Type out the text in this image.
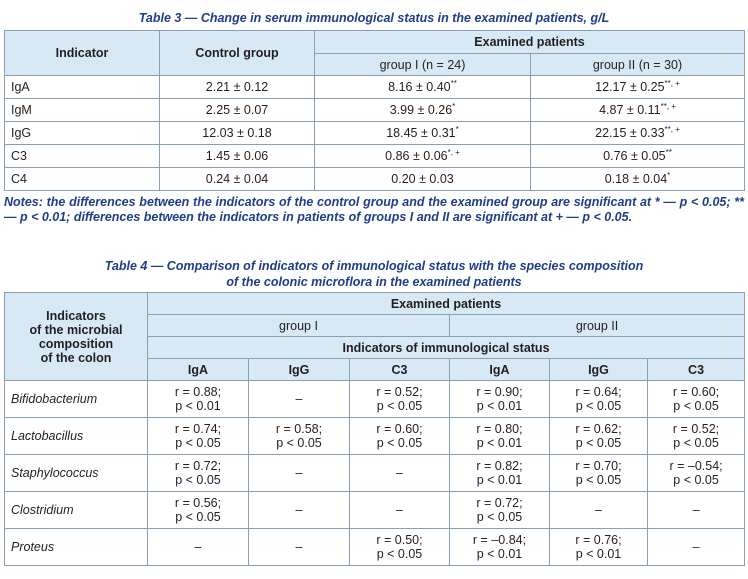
Table 3 — Change in serum immunological status in the examined patients, g/L
Indicator	Control group	Examined patients	
		group I (n = 24)	group II (n = 30)
IgA	2.21 ± 0.12	8.16 ± 0.40**	12.17 ± 0.25**, +
IgM	2.25 ± 0.07	3.99 ± 0.26*	4.87 ± 0.11**, +
IgG	12.03 ± 0.18	18.45 ± 0.31*	22.15 ± 0.33**, +
C3	1.45 ± 0.06	0.86 ± 0.06*, +	0.76 ± 0.05**
C4	0.24 ± 0.04	0.20 ± 0.03	0.18 ± 0.04*
Notes: the differences between the indicators of the control group and the examined group are significant at * — p < 0.05; ** — p < 0.01; differences between the indicators in patients of groups I and II are significant at + — p < 0.05.
Table 4 — Comparison of indicators of immunological status with the species composition
of the colonic microflora in the examined patients
Indicators
of the microbial
composition
of the colon	Examined patients					
	group I			group II		
	Indicators of immunological status					
	IgA	IgG	C3	IgA	IgG	C3
Bifidobacterium	r = 0.88;
p < 0.01	–	r = 0.52;
p < 0.05	r = 0.90;
p < 0.01	r = 0.64;
p < 0.05	r = 0.60;
p < 0.05

Lactobacillus	r = 0.74;
p < 0.05	r = 0.58;
p < 0.05	r = 0.60;
p < 0.05	r = 0.80;
p < 0.01	r = 0.62;
p < 0.05	r = 0.52;
p < 0.05

Staphylococcus	r = 0.72;
p < 0.05	–	–	r = 0.82;
p < 0.01	r = 0.70;
p < 0.05	r = –0.54;
p < 0.05

Clostridium	r = 0.56;
p < 0.05	–	–	r = 0.72;
p < 0.05	–	–

Proteus	–	–	r = 0.50;
p < 0.05	r = –0.84;
p < 0.01	r = 0.76;
p < 0.01	–
